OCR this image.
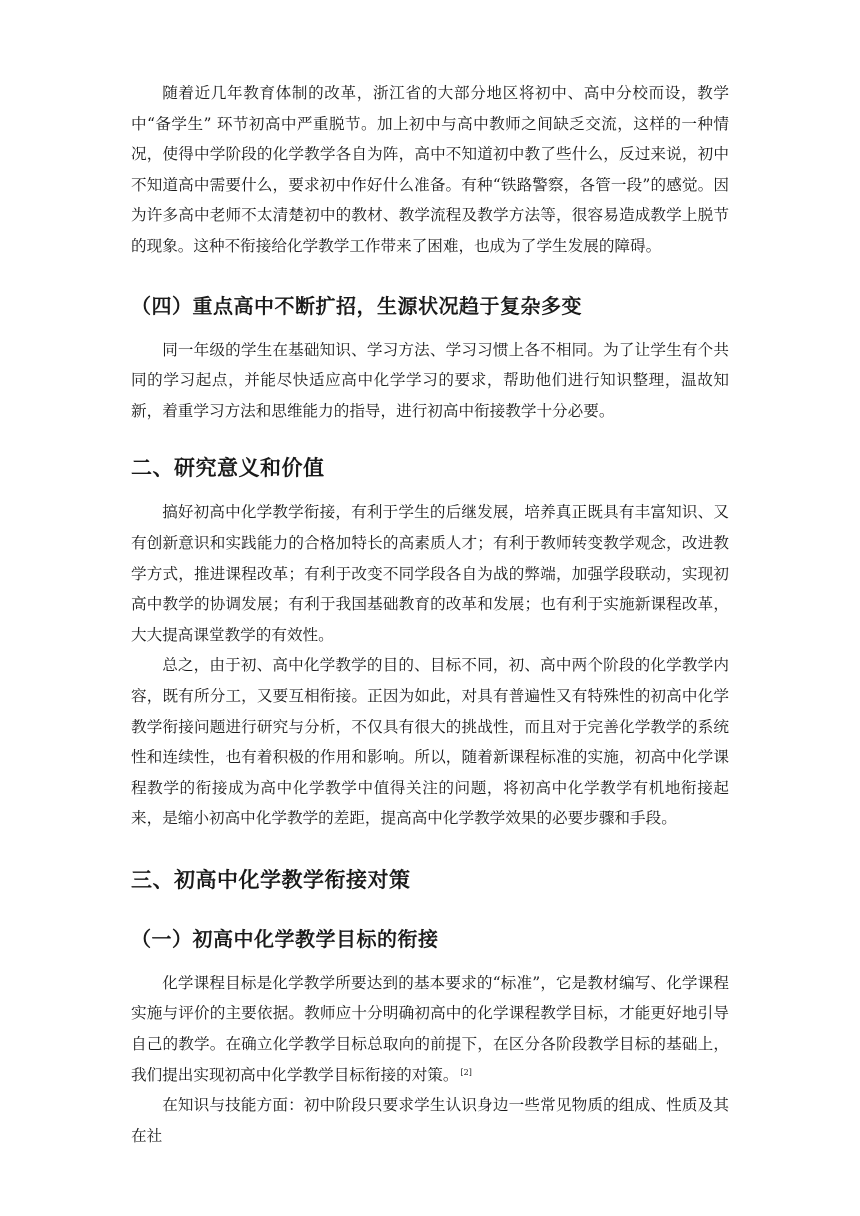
随着近几年教育体制的改革，浙江省的大部分地区将初中、高中分校而设，教学中“备学生” 环节初高中严重脱节。加上初中与高中教师之间缺乏交流，这样的一种情况，使得中学阶段的化学教学各自为阵，高中不知道初中教了些什么，反过来说，初中不知道高中需要什么，要求初中作好什么准备。有种“铁路警察，各管一段”的感觉。因为许多高中老师不太清楚初中的教材、教学流程及教学方法等，很容易造成教学上脱节的现象。这种不衔接给化学教学工作带来了困难，也成为了学生发展的障碍。

（四）重点高中不断扩招，生源状况趋于复杂多变

同一年级的学生在基础知识、学习方法、学习习惯上各不相同。为了让学生有个共同的学习起点，并能尽快适应高中化学学习的要求，帮助他们进行知识整理，温故知新，着重学习方法和思维能力的指导，进行初高中衔接教学十分必要。

二、研究意义和价值

搞好初高中化学教学衔接，有利于学生的后继发展，培养真正既具有丰富知识、又有创新意识和实践能力的合格加特长的高素质人才；有利于教师转变教学观念，改进教学方式，推进课程改革；有利于改变不同学段各自为战的弊端，加强学段联动，实现初高中教学的协调发展；有利于我国基础教育的改革和发展；也有利于实施新课程改革，大大提高课堂教学的有效性。

总之，由于初、高中化学教学的目的、目标不同，初、高中两个阶段的化学教学内容，既有所分工，又要互相衔接。正因为如此，对具有普遍性又有特殊性的初高中化学教学衔接问题进行研究与分析，不仅具有很大的挑战性，而且对于完善化学教学的系统性和连续性，也有着积极的作用和影响。所以，随着新课程标准的实施，初高中化学课程教学的衔接成为高中化学教学中值得关注的问题，将初高中化学教学有机地衔接起来，是缩小初高中化学教学的差距，提高高中化学教学效果的必要步骤和手段。

三、初高中化学教学衔接对策
（一）初高中化学教学目标的衔接

化学课程目标是化学教学所要达到的基本要求的“标准”，它是教材编写、化学课程实施与评价的主要依据。教师应十分明确初高中的化学课程教学目标，才能更好地引导自己的教学。在确立化学教学目标总取向的前提下，在区分各阶段教学目标的基础上，我们提出实现初高中化学教学目标衔接的对策。 [2]

在知识与技能方面：初中阶段只要求学生认识身边一些常见物质的组成、性质及其在社
